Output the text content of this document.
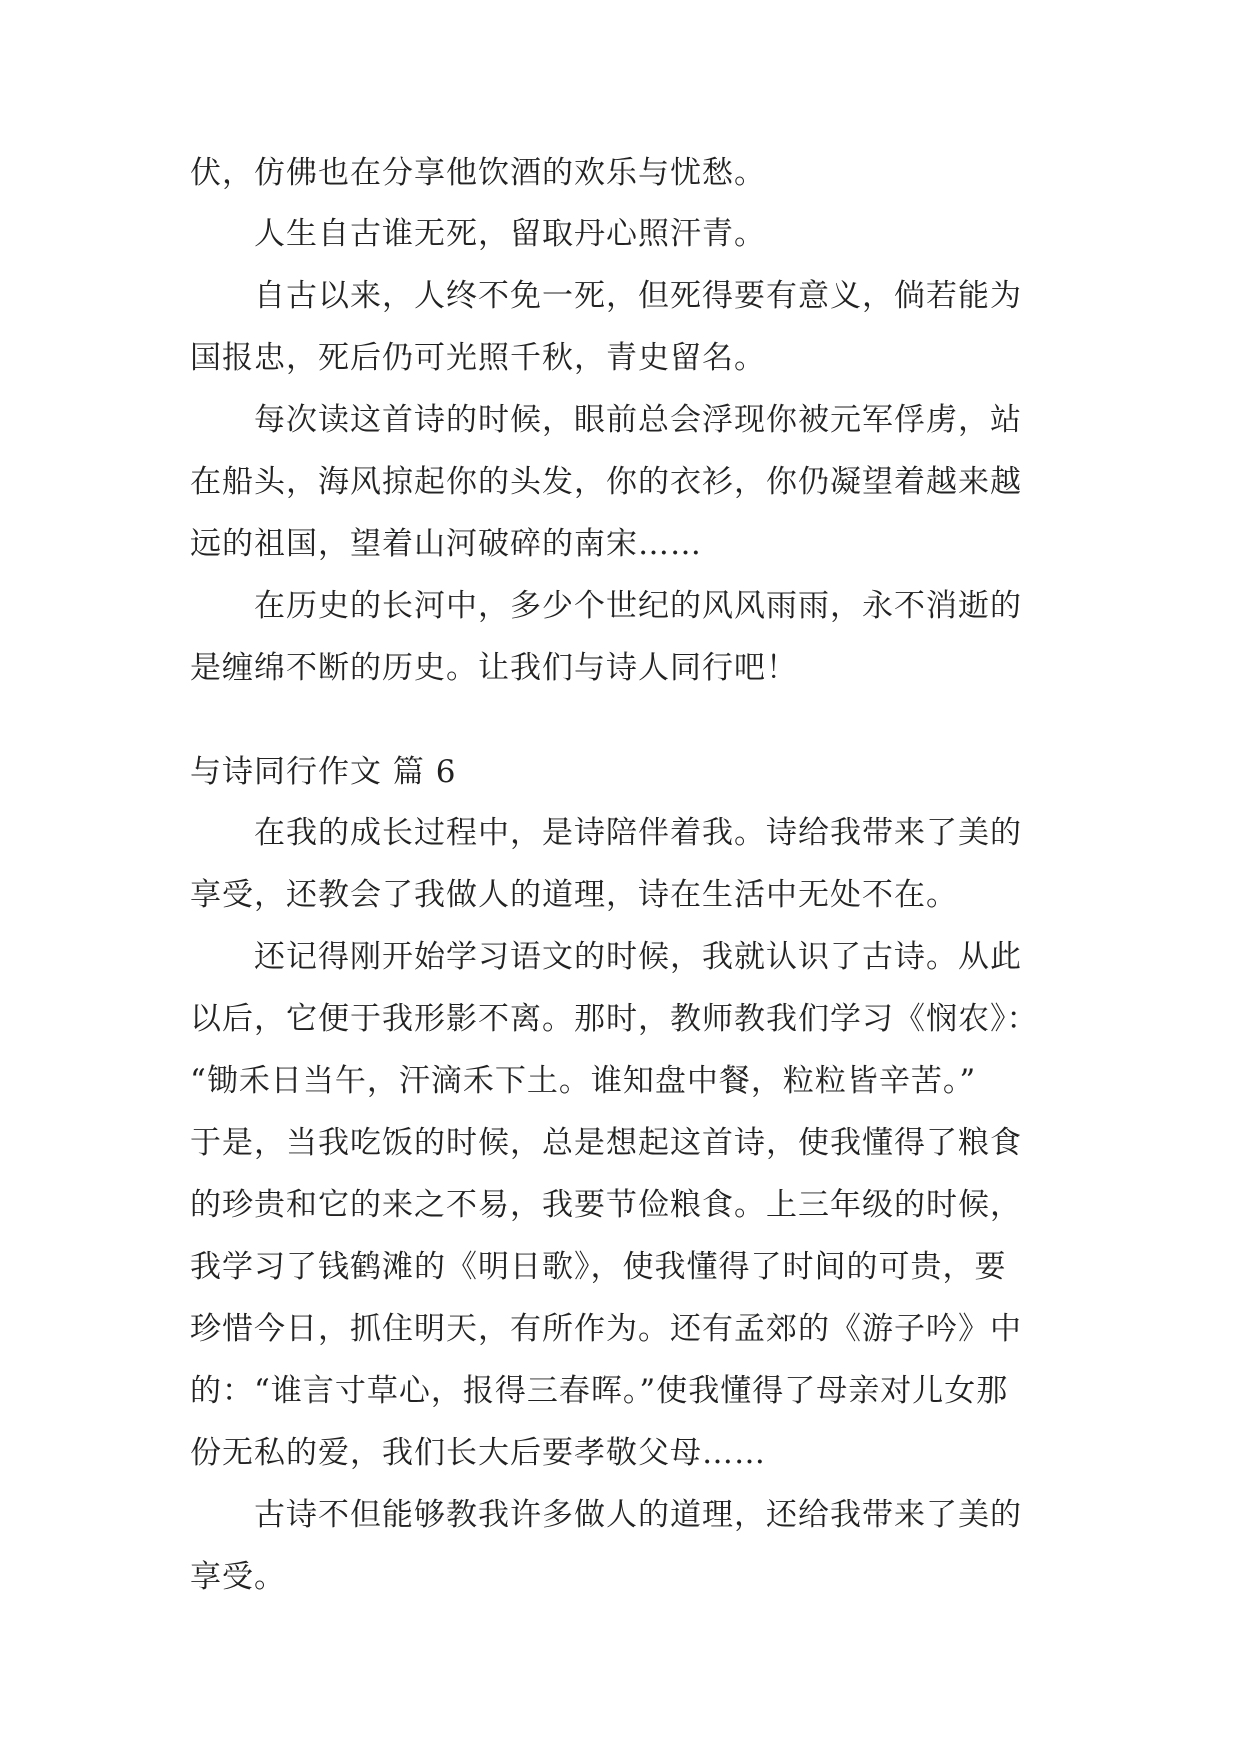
伏，仿佛也在分享他饮酒的欢乐与忧愁。
人生自古谁无死，留取丹心照汗青。
自古以来，人终不免一死，但死得要有意义，倘若能为
国报忠，死后仍可光照千秋，青史留名。
每次读这首诗的时候，眼前总会浮现你被元军俘虏，站
在船头，海风掠起你的头发，你的衣衫，你仍凝望着越来越
远的祖国，望着山河破碎的南宋……
在历史的长河中，多少个世纪的风风雨雨，永不消逝的
是缠绵不断的历史。让我们与诗人同行吧！
与诗同行作文 篇 6
在我的成长过程中，是诗陪伴着我。诗给我带来了美的
享受，还教会了我做人的道理，诗在生活中无处不在。
还记得刚开始学习语文的时候，我就认识了古诗。从此
以后，它便于我形影不离。那时，教师教我们学习《悯农》：
“锄禾日当午，汗滴禾下土。谁知盘中餐，粒粒皆辛苦。”
于是，当我吃饭的时候，总是想起这首诗，使我懂得了粮食
的珍贵和它的来之不易，我要节俭粮食。上三年级的时候，
我学习了钱鹤滩的《明日歌》，使我懂得了时间的可贵，要
珍惜今日，抓住明天，有所作为。还有孟郊的《游子吟》中
的：“谁言寸草心，报得三春晖。”使我懂得了母亲对儿女那
份无私的爱，我们长大后要孝敬父母……
古诗不但能够教我许多做人的道理，还给我带来了美的
享受。
